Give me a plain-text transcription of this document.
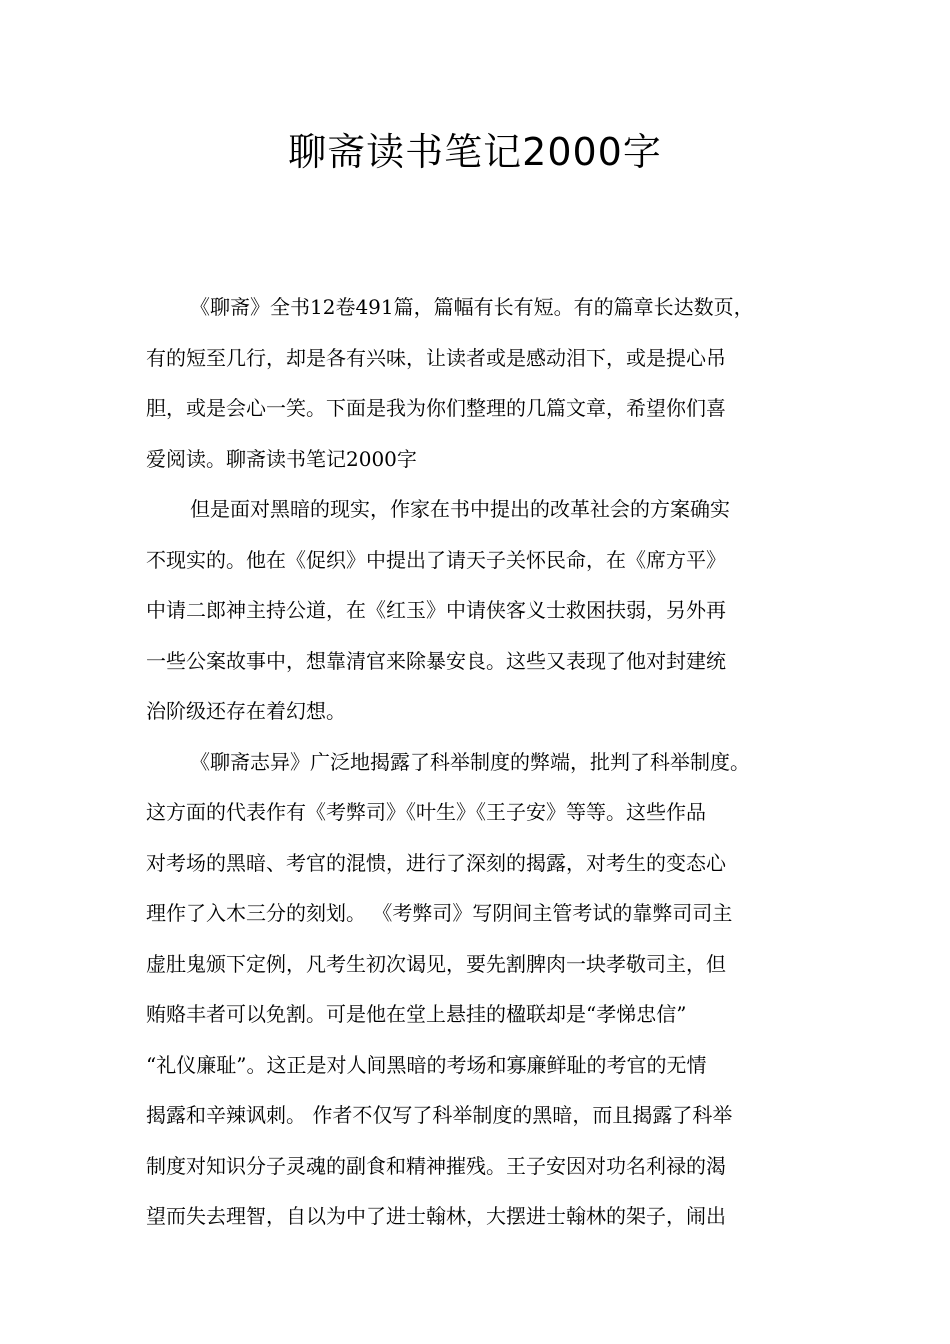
聊斋读书笔记2000字
《聊斋》全书12卷491篇，篇幅有长有短。有的篇章长达数页，
有的短至几行，却是各有兴味，让读者或是感动泪下，或是提心吊
胆，或是会心一笑。下面是我为你们整理的几篇文章，希望你们喜
爱阅读。聊斋读书笔记2000字
但是面对黑暗的现实，作家在书中提出的改革社会的方案确实
不现实的。他在《促织》中提出了请天子关怀民命，在《席方平》
中请二郎神主持公道，在《红玉》中请侠客义士救困扶弱，另外再
一些公案故事中，想靠清官来除暴安良。这些又表现了他对封建统
治阶级还存在着幻想。
《聊斋志异》广泛地揭露了科举制度的弊端，批判了科举制度。
这方面的代表作有《考弊司》《叶生》《王子安》等等。这些作品
对考场的黑暗、考官的混愦，进行了深刻的揭露，对考生的变态心
理作了入木三分的刻划。 《考弊司》写阴间主管考试的靠弊司司主
虚肚鬼颁下定例，凡考生初次谒见，要先割脾肉一块孝敬司主，但
贿赂丰者可以免割。可是他在堂上悬挂的楹联却是“孝悌忠信”
“礼仪廉耻”。这正是对人间黑暗的考场和寡廉鲜耻的考官的无情
揭露和辛辣讽刺。 作者不仅写了科举制度的黑暗，而且揭露了科举
制度对知识分子灵魂的副食和精神摧残。王子安因对功名利禄的渴
望而失去理智，自以为中了进士翰林，大摆进士翰林的架子，闹出
